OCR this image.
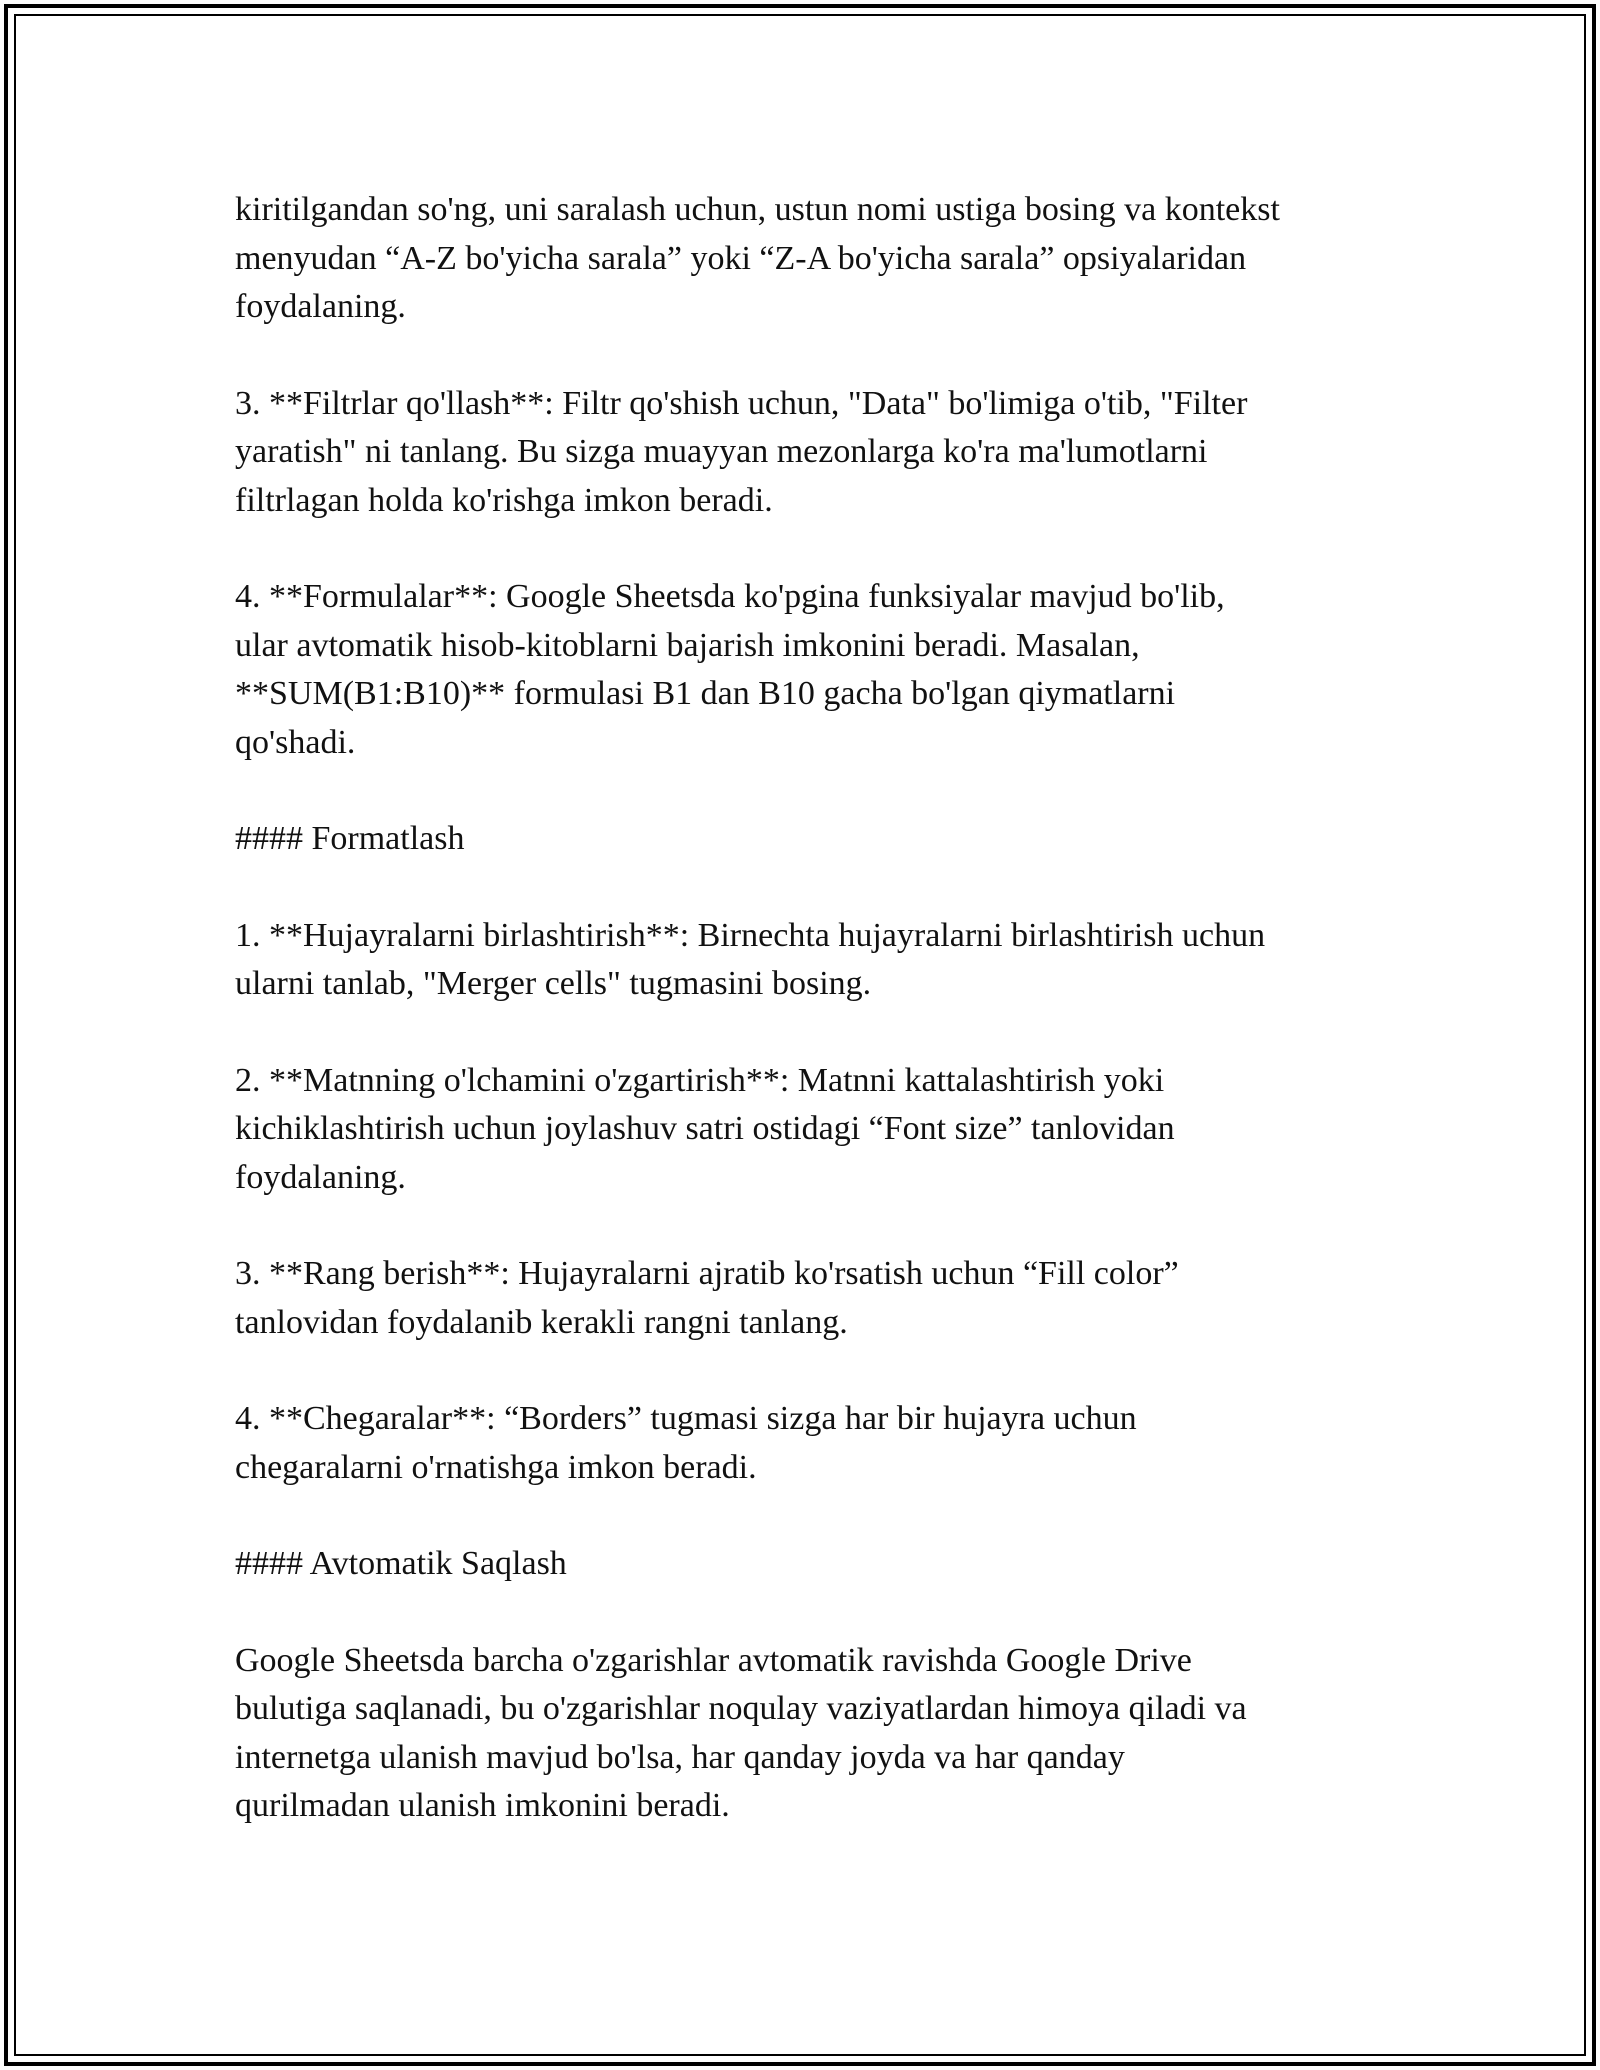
kiritilgandan so'ng, uni saralash uchun, ustun nomi ustiga bosing va kontekst
menyudan “A-Z bo'yicha sarala” yoki “Z-A bo'yicha sarala” opsiyalaridan
foydalaning.

3. **Filtrlar qo'llash**: Filtr qo'shish uchun, "Data" bo'limiga o'tib, "Filter
yaratish" ni tanlang. Bu sizga muayyan mezonlarga ko'ra ma'lumotlarni
filtrlagan holda ko'rishga imkon beradi.

4. **Formulalar**: Google Sheetsda ko'pgina funksiyalar mavjud bo'lib,
ular avtomatik hisob-kitoblarni bajarish imkonini beradi. Masalan,
**SUM(B1:B10)** formulasi B1 dan B10 gacha bo'lgan qiymatlarni
qo'shadi.

#### Formatlash

1. **Hujayralarni birlashtirish**: Birnechta hujayralarni birlashtirish uchun
ularni tanlab, "Merger cells" tugmasini bosing.

2. **Matnning o'lchamini o'zgartirish**: Matnni kattalashtirish yoki
kichiklashtirish uchun joylashuv satri ostidagi “Font size” tanlovidan
foydalaning.

3. **Rang berish**: Hujayralarni ajratib ko'rsatish uchun “Fill color”
tanlovidan foydalanib kerakli rangni tanlang.

4. **Chegaralar**: “Borders” tugmasi sizga har bir hujayra uchun
chegaralarni o'rnatishga imkon beradi.

#### Avtomatik Saqlash

Google Sheetsda barcha o'zgarishlar avtomatik ravishda Google Drive
bulutiga saqlanadi, bu o'zgarishlar noqulay vaziyatlardan himoya qiladi va
internetga ulanish mavjud bo'lsa, har qanday joyda va har qanday
qurilmadan ulanish imkonini beradi.
